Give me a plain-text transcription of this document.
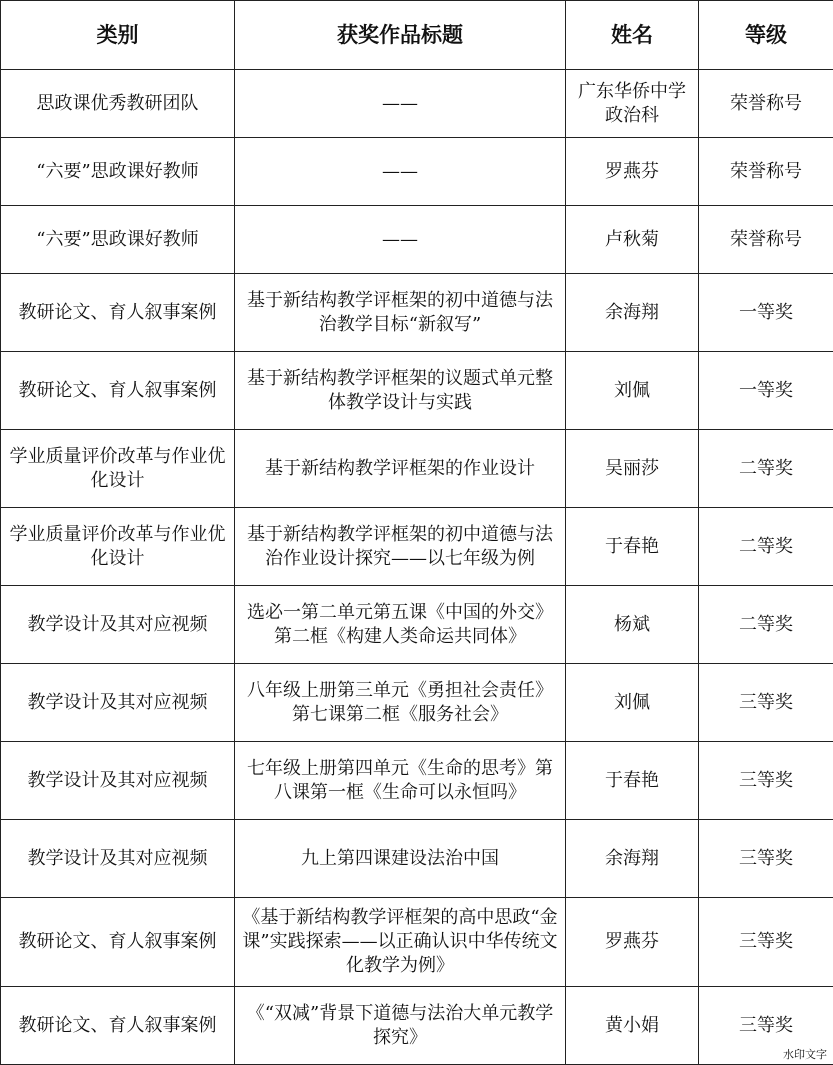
类别	获奖作品标题	姓名	等级
思政课优秀教研团队	——	广东华侨中学政治科	荣誉称号
“六要”思政课好教师	——	罗燕芬	荣誉称号
“六要”思政课好教师	——	卢秋菊	荣誉称号
教研论文、育人叙事案例	基于新结构教学评框架的初中道德与法治教学目标“新叙写”	余海翔	一等奖
教研论文、育人叙事案例	基于新结构教学评框架的议题式单元整体教学设计与实践	刘佩	一等奖
学业质量评价改革与作业优化设计	基于新结构教学评框架的作业设计	吴丽莎	二等奖
学业质量评价改革与作业优化设计	基于新结构教学评框架的初中道德与法治作业设计探究——以七年级为例	于春艳	二等奖
教学设计及其对应视频	选必一第二单元第五课《中国的外交》第二框《构建人类命运共同体》	杨斌	二等奖
教学设计及其对应视频	八年级上册第三单元《勇担社会责任》第七课第二框《服务社会》	刘佩	三等奖
教学设计及其对应视频	七年级上册第四单元《生命的思考》第八课第一框《生命可以永恒吗》	于春艳	三等奖
教学设计及其对应视频	九上第四课建设法治中国	余海翔	三等奖
教研论文、育人叙事案例	《基于新结构教学评框架的高中思政“金课”实践探索——以正确认识中华传统文化教学为例》	罗燕芬	三等奖
教研论文、育人叙事案例	《“双减”背景下道德与法治大单元教学探究》	黄小娟	三等奖
水印文字
